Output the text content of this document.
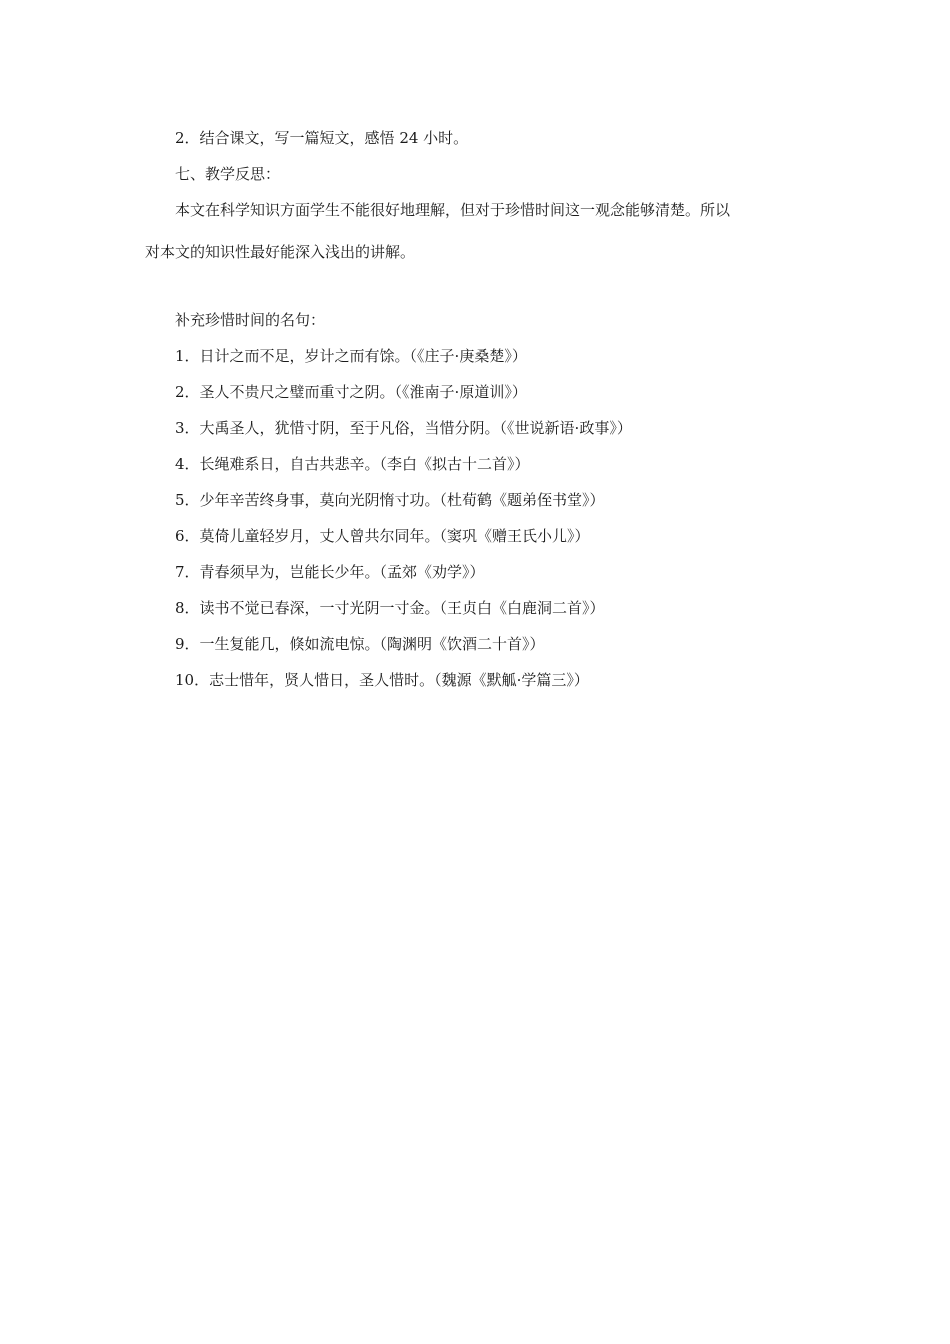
2．结合课文，写一篇短文，感悟 24 小时。
七、教学反思：
本文在科学知识方面学生不能很好地理解，但对于珍惜时间这一观念能够清楚。所以
对本文的知识性最好能深入浅出的讲解。
补充珍惜时间的名句：
1．日计之而不足，岁计之而有馀。（《庄子·庚桑楚》）
2．圣人不贵尺之璧而重寸之阴。（《淮南子·原道训》）
3．大禹圣人，犹惜寸阴，至于凡俗，当惜分阴。（《世说新语·政事》）
4．长绳难系日，自古共悲辛。（李白《拟古十二首》）
5．少年辛苦终身事，莫向光阴惰寸功。（杜荀鹤《题弟侄书堂》）
6．莫倚儿童轻岁月，丈人曾共尔同年。（窦巩《赠王氏小儿》）
7．青春须早为，岂能长少年。（孟郊《劝学》）
8．读书不觉已春深，一寸光阴一寸金。（王贞白《白鹿洞二首》）
9．一生复能几，倏如流电惊。（陶渊明《饮酒二十首》）
10．志士惜年，贤人惜日，圣人惜时。（魏源《默觚·学篇三》）
